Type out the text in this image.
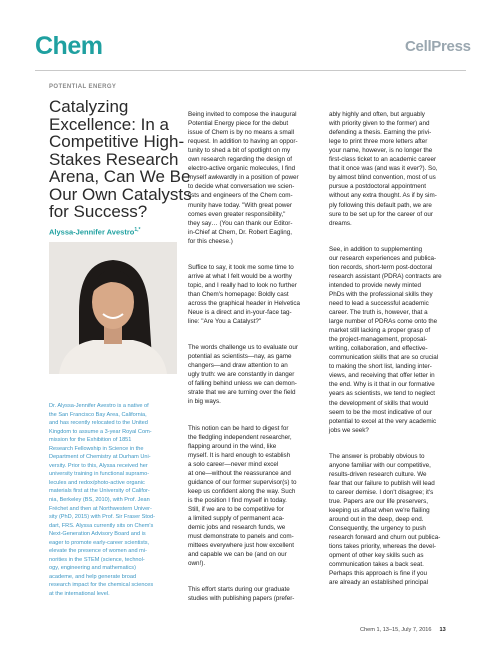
Chem	CellPress
POTENTIAL ENERGY
Catalyzing Excellence: In a Competitive High-Stakes Research Arena, Can We Be Our Own Catalysts for Success?
Alyssa-Jennifer Avestro$^{1,*}$
Dr. Alyssa-Jennifer Avestro is a native of
the San Francisco Bay Area, California,
and has recently relocated to the United
Kingdom to assume a 3-year Royal Com-
mission for the Exhibition of 1851
Research Fellowship in Science in the
Department of Chemistry at Durham Uni-
versity. Prior to this, Alyssa received her
university training in functional supramo-
lecules and redox/photo-active organic
materials first at the University of Califor-
nia, Berkeley (BS, 2010), with Prof. Jean
Fréchet and then at Northwestern Univer-
sity (PhD, 2015) with Prof. Sir Fraser Stod-
dart, FRS. Alyssa currently sits on Chem's
Next-Generation Advisory Board and is
eager to promote early-career scientists,
elevate the presence of women and mi-
norities in the STEM (science, technol-
ogy, engineering and mathematics)
academe, and help generate broad
research impact for the chemical sciences
at the international level.

Being invited to compose the inaugural
Potential Energy piece for the debut
issue of Chem is by no means a small
request. In addition to having an oppor-
tunity to shed a bit of spotlight on my
own research regarding the design of
electro-active organic molecules, I find
myself awkwardly in a position of power
to decide what conversation we scien-
tists and engineers of the Chem com-
munity have today. "With great power
comes even greater responsibility,"
they say… (You can thank our Editor-
in-Chief at Chem, Dr. Robert Eagling,
for this cheese.)

Suffice to say, it took me some time to
arrive at what I felt would be a worthy
topic, and I really had to look no further
than Chem's homepage: Boldly cast
across the graphical header in Helvetica
Neue is a direct and in-your-face tag-
line: "Are You a Catalyst?"

The words challenge us to evaluate our
potential as scientists—nay, as game
changers—and draw attention to an
ugly truth: we are constantly in danger
of falling behind unless we can demon-
strate that we are turning over the field
in big ways.

This notion can be hard to digest for
the fledgling independent researcher,
flapping around in the wind, like
myself. It is hard enough to establish
a solo career—never mind excel
at one—without the reassurance and
guidance of our former supervisor(s) to
keep us confident along the way. Such
is the position I find myself in today.
Still, if we are to be competitive for
a limited supply of permanent aca-
demic jobs and research funds, we
must demonstrate to panels and com-
mittees everywhere just how excellent
and capable we can be (and on our
own!).

This effort starts during our graduate
studies with publishing papers (prefer-

ably highly and often, but arguably
with priority given to the former) and
defending a thesis. Earning the privi-
lege to print three more letters after
your name, however, is no longer the
first-class ticket to an academic career
that it once was (and was it ever?). So,
by almost blind convention, most of us
pursue a postdoctoral appointment
without any extra thought. As if by sim-
ply following this default path, we are
sure to be set up for the career of our
dreams.

See, in addition to supplementing
our research experiences and publica-
tion records, short-term post-doctoral
research assistant (PDRA) contracts are
intended to provide newly minted
PhDs with the professional skills they
need to lead a successful academic
career. The truth is, however, that a
large number of PDRAs come onto the
market still lacking a proper grasp of
the project-management, proposal-
writing, collaboration, and effective-
communication skills that are so crucial
to making the short list, landing inter-
views, and receiving that offer letter in
the end. Why is it that in our formative
years as scientists, we tend to neglect
the development of skills that would
seem to be the most indicative of our
potential to excel at the very academic
jobs we seek?

The answer is probably obvious to
anyone familiar with our competitive,
results-driven research culture. We
fear that our failure to publish will lead
to career demise. I don't disagree; it's
true. Papers are our life preservers,
keeping us afloat when we're flailing
around out in the deep, deep end.
Consequently, the urgency to push
research forward and churn out publica-
tions takes priority, whereas the devel-
opment of other key skills such as
communication takes a back seat.
Perhaps this approach is fine if you
are already an established principal

Chem 1, 13–15, July 7, 2016 13
